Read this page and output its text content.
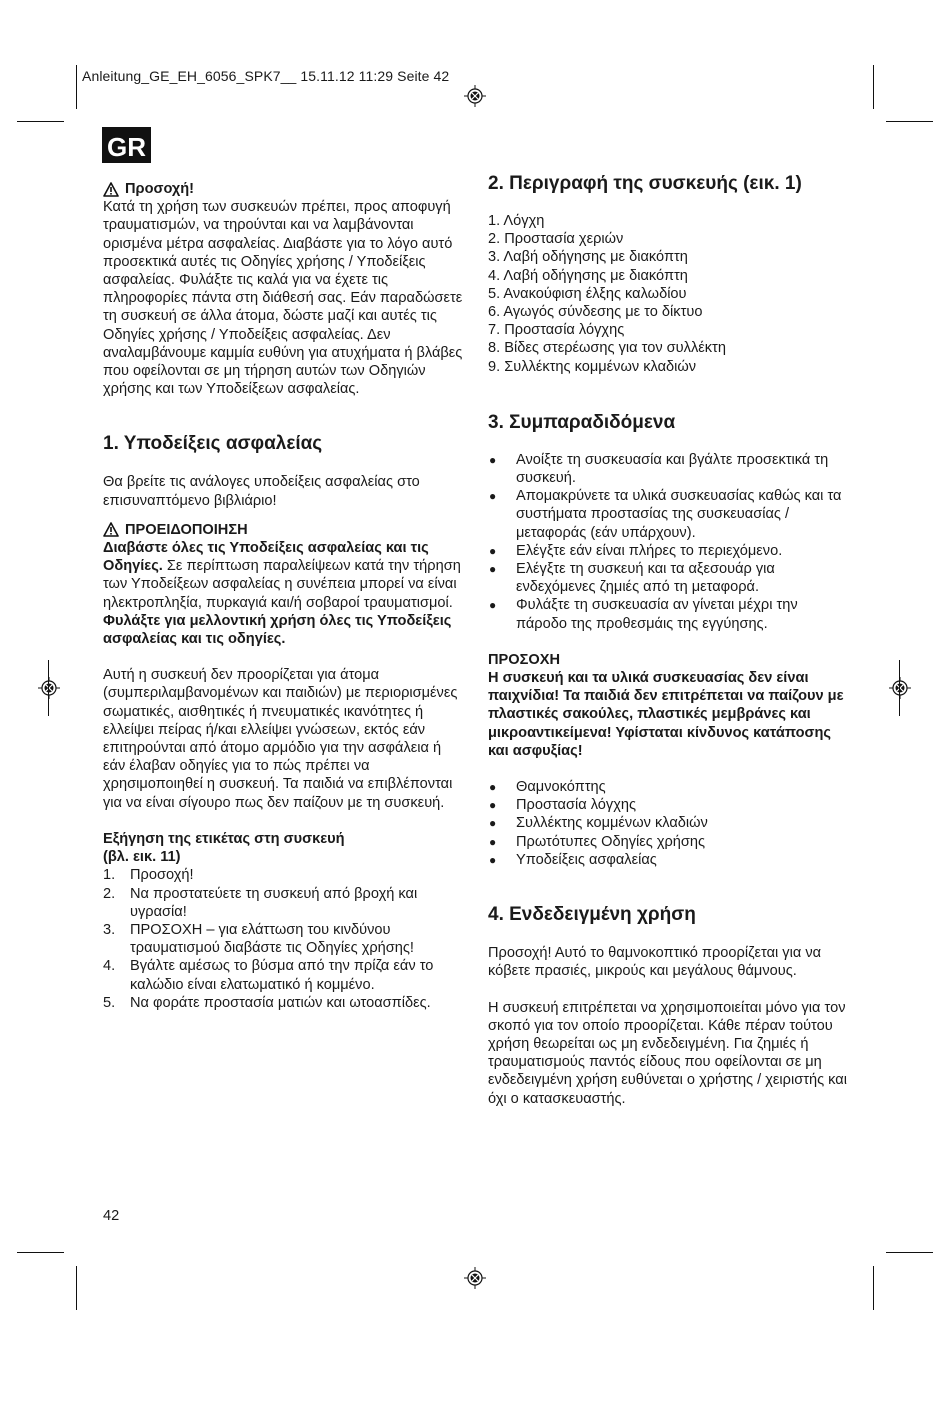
Anleitung_GE_EH_6056_SPK7__ 15.11.12 11:29 Seite 42
GR
Προσοχή!

Κατά τη χρήση των συσκευών πρέπει, προς αποφυγή τραυματισμών, να τηρούνται και να λαμβάνονται ορισμένα μέτρα ασφαλείας. Διαβάστε για το λόγο αυτό προσεκτικά αυτές τις Οδηγίες χρήσης / Υποδείξεις ασφαλείας. Φυλάξτε τις καλά για να έχετε τις πληροφορίες πάντα στη διάθεσή σας. Εάν παραδώσετε τη συσκευή σε άλλα άτομα, δώστε μαζί και αυτές τις Οδηγίες χρήσης / Υποδείξεις ασφαλείας. Δεν αναλαμβάνουμε καμμία ευθύνη για ατυχήματα ή βλάβες που οφείλονται σε μη τήρηση αυτών των Οδηγιών χρήσης και των Υποδείξεων ασφαλείας.

1. Υποδείξεις ασφαλείας

Θα βρείτε τις ανάλογες υποδείξεις ασφαλείας στο επισυναπτόμενο βιβλιάριο!

ΠΡΟΕΙΔΟΠΟΙΗΣΗ

Διαβάστε όλες τις Υποδείξεις ασφαλείας και τις Οδηγίες. Σε περίπτωση παραλείψεων κατά την τήρηση των Υποδείξεων ασφαλείας η συνέπεια μπορεί να είναι ηλεκτροπληξία, πυρκαγιά και/ή σοβαροί τραυματισμοί.

Φυλάξτε για μελλοντική χρήση όλες τις Υποδείξεις ασφαλείας και τις οδηγίες.

Αυτή η συσκευή δεν προορίζεται για άτομα (συμπεριλαμβανομένων και παιδιών) με περιορισμένες σωματικές, αισθητικές ή πνευματικές ικανότητες ή ελλείψει πείρας ή/και ελλείψει γνώσεων, εκτός εάν επιτηρούνται από άτομο αρμόδιο για την ασφάλεια ή εάν έλαβαν οδηγίες για το πώς πρέπει να χρησιμοποιηθεί η συσκευή. Τα παιδιά να επιβλέπονται για να είναι σίγουρο πως δεν παίζουν με τη συσκευή.

Εξήγηση της ετικέτας στη συσκευή

(βλ. εικ. 11)

1.	Προσοχή!
2.	Να προστατεύετε τη συσκευή από βροχή και υγρασία!
3.	ΠΡΟΣΟΧΗ – για ελάττωση του κινδύνου τραυματισμού διαβάστε τις Οδηγίες χρήσης!
4.	Βγάλτε αμέσως το βύσμα από την πρίζα εάν το καλώδιο είναι ελατωματικό ή κομμένο.
5.	Να φοράτε προστασία ματιών και ωτοασπίδες.
2. Περιγραφή της συσκευής (εικ. 1)
1. Λόγχη
2. Προστασία χεριών
3. Λαβή οδήγησης με διακόπτη
4. Λαβή οδήγησης με διακόπτη
5. Ανακούφιση έλξης καλωδίου
6. Αγωγός σύνδεσης με το δίκτυο
7. Προστασία λόγχης
8. Βίδες στερέωσης για τον συλλέκτη
9. Συλλέκτης κομμένων κλαδιών
3. Συμπαραδιδόμενα
●	Ανοίξτε τη συσκευασία και βγάλτε προσεκτικά τη συσκευή.
●	Απομακρύνετε τα υλικά συσκευασίας καθώς και τα συστήματα προστασίας της συσκευασίας / μεταφοράς (εάν υπάρχουν).
●	Ελέγξτε εάν είναι πλήρες το περιεχόμενο.
●	Ελέγξτε τη συσκευή και τα αξεσουάρ για ενδεχόμενες ζημιές από τη μεταφορά.
●	Φυλάξτε τη συσκευασία αν γίνεται μέχρι την πάροδο της προθεσμάις της εγγύησης.

ΠΡΟΣΟΧΗ

Η συσκευή και τα υλικά συσκευασίας δεν είναι παιχνίδια! Τα παιδιά δεν επιτρέπεται να παίζουν με πλαστικές σακούλες, πλαστικές μεμβράνες και μικροαντικείμενα! Υφίσταται κίνδυνος κατάποσης και ασφυξίας!

●	Θαμνοκόπτης
●	Προστασία λόγχης
●	Συλλέκτης κομμένων κλαδιών
●	Πρωτότυπες Οδηγίες χρήσης
●	Υποδείξεις ασφαλείας
4. Ενδεδειγμένη χρήση

Προσοχή! Αυτό το θαμνοκοπτικό προορίζεται για να κόβετε πρασιές, μικρούς και μεγάλους θάμνους.

Η συσκευή επιτρέπεται να χρησιμοποιείται μόνο για τον σκοπό για τον οποίο προορίζεται. Κάθε πέραν τούτου χρήση θεωρείται ως μη ενδεδειγμένη. Για ζημιές ή τραυματισμούς παντός είδους που οφείλονται σε μη ενδεδειγμένη χρήση ευθύνεται ο χρήστης / χειριστής και όχι ο κατασκευαστής.

42
